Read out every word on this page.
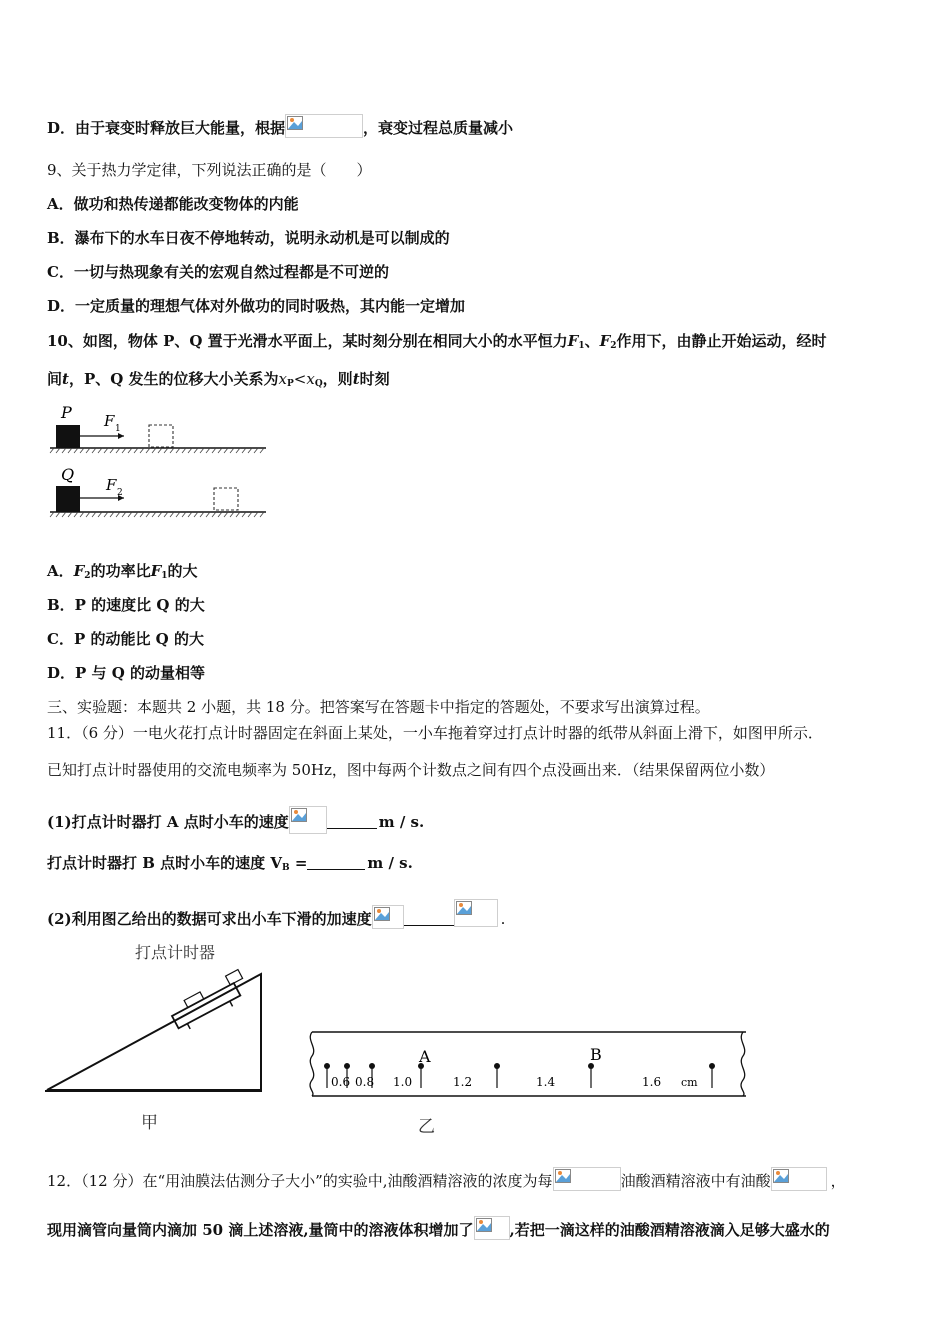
D．由于衰变时释放巨大能量，根据	，衰变过程总质量减小
9、关于热力学定律，下列说法正确的是（　　）
A．做功和热传递都能改变物体的内能
B．瀑布下的水车日夜不停地转动，说明永动机是可以制成的
C．一切与热现象有关的宏观自然过程都是不可逆的
D．一定质量的理想气体对外做功的同时吸热，其内能一定增加
10、如图，物体 P、Q 置于光滑水平面上，某时刻分别在相同大小的水平恒力$F_1$、$F_2$作用下，由静止开始运动，经时
间t，P、Q 发生的位移大小关系为$x_P<x_Q$，则t时刻
P F 1
Q
F 2
A．$F_2$的功率比$F_1$的大
B．P 的速度比 Q 的大
C．P 的动能比 Q 的大
D．P 与 Q 的动量相等
三、实验题：本题共 2 小题，共 18 分。把答案写在答题卡中指定的答题处，不要求写出演算过程。
11．（6 分）一电火花打点计时器固定在斜面上某处，一小车拖着穿过打点计时器的纸带从斜面上滑下，如图甲所示．
已知打点计时器使用的交流电频率为 50Hz，图中每两个计数点之间有四个点没画出来．（结果保留两位小数）
(1)打点计时器打 A 点时小车的速度	m / s.
打点计时器打 B 点时小车的速度 $V_B$ =	m / s.
(2)利用图乙给出的数据可求出小车下滑的加速度	.
打点计时器
甲
0.6 0.8 1.0	1.2	1.4	1.6 cm
A	B
乙
12．（12 分）在“用油膜法估测分子大小”的实验中,油酸酒精溶液的浓度为每	油酸酒精溶液中有油酸	，
现用滴管向量筒内滴加 50 滴上述溶液,量筒中的溶液体积增加了 ,若把一滴这样的油酸酒精溶液滴入足够大盛水的
